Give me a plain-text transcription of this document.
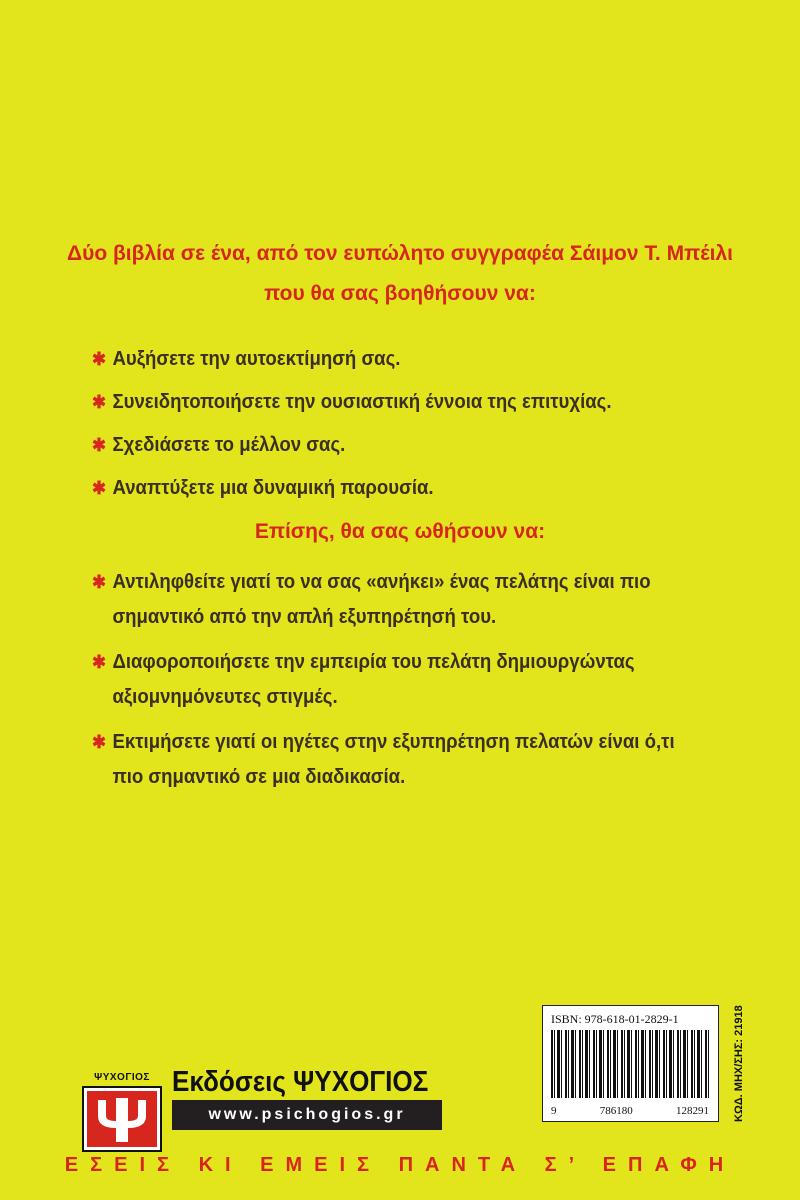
Δύο βιβλία σε ένα, από τον ευπώλητο συγγραφέα Σάιμον Τ. Μπέιλι
που θα σας βοηθήσουν να:
✱ Αυξήσετε την αυτοεκτίμησή σας.
✱ Συνειδητοποιήσετε την ουσιαστική έννοια της επιτυχίας.
✱ Σχεδιάσετε το μέλλον σας.
✱ Αναπτύξετε μια δυναμική παρουσία.
Επίσης, θα σας ωθήσουν να:
✱ Αντιληφθείτε γιατί το να σας «ανήκει» ένας πελάτης είναι πιο
σημαντικό από την απλή εξυπηρέτησή του.
✱ Διαφοροποιήσετε την εμπειρία του πελάτη δημιουργώντας
αξιομνημόνευτες στιγμές.
✱ Εκτιμήσετε γιατί οι ηγέτες στην εξυπηρέτηση πελατών είναι ό,τι
πιο σημαντικό σε μια διαδικασία.
ISBN: 978-618-01-2829-1
9	786180	128291 ΚΩΔ. ΜΗΧ/ΣΗΣ: 21918
ΨΥΧΟΓΙΟΣ Εκδόσεις ΨΥΧΟΓΙΟΣ
www.psichogios.gr
ΕΣΕΙΣ ΚΙ ΕΜΕΙΣ ΠΑΝΤΑ Σ’ ΕΠΑΦΗ
